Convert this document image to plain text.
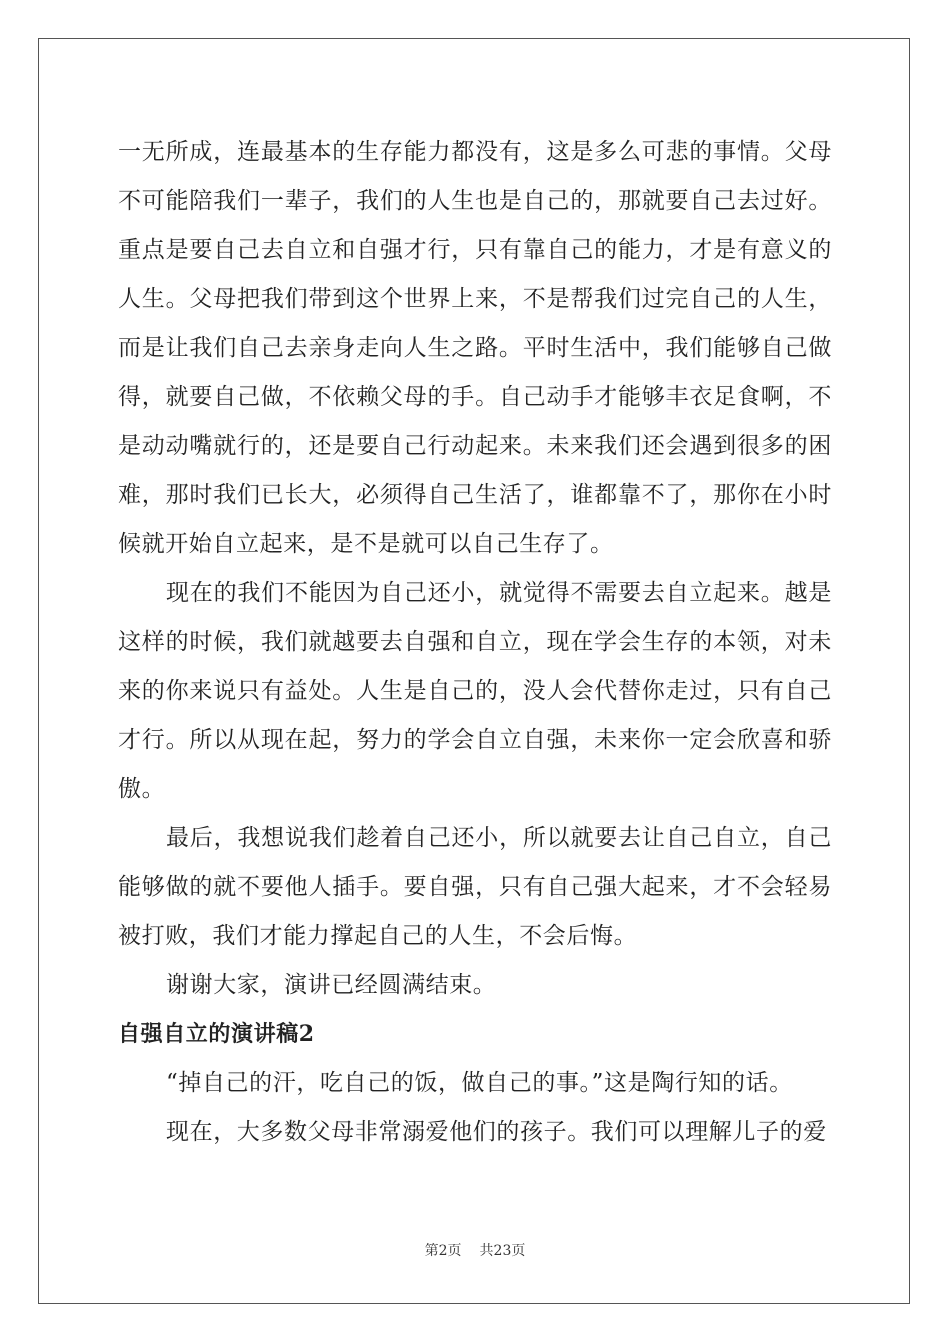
一无所成，连最基本的生存能力都没有，这是多么可悲的事情。父母不可能陪我们一辈子，我们的人生也是自己的，那就要自己去过好。重点是要自己去自立和自强才行，只有靠自己的能力，才是有意义的人生。父母把我们带到这个世界上来，不是帮我们过完自己的人生，而是让我们自己去亲身走向人生之路。平时生活中，我们能够自己做得，就要自己做，不依赖父母的手。自己动手才能够丰衣足食啊，不是动动嘴就行的，还是要自己行动起来。未来我们还会遇到很多的困难，那时我们已长大，必须得自己生活了，谁都靠不了，那你在小时候就开始自立起来，是不是就可以自己生存了。

现在的我们不能因为自己还小，就觉得不需要去自立起来。越是这样的时候，我们就越要去自强和自立，现在学会生存的本领，对未来的你来说只有益处。人生是自己的，没人会代替你走过，只有自己才行。所以从现在起，努力的学会自立自强，未来你一定会欣喜和骄傲。

最后，我想说我们趁着自己还小，所以就要去让自己自立，自己能够做的就不要他人插手。要自强，只有自己强大起来，才不会轻易被打败，我们才能力撑起自己的人生，不会后悔。

谢谢大家，演讲已经圆满结束。

自强自立的演讲稿2

“掉自己的汗，吃自己的饭，做自己的事。”这是陶行知的话。

现在，大多数父母非常溺爱他们的孩子。我们可以理解儿子的爱

第2页 共23页
